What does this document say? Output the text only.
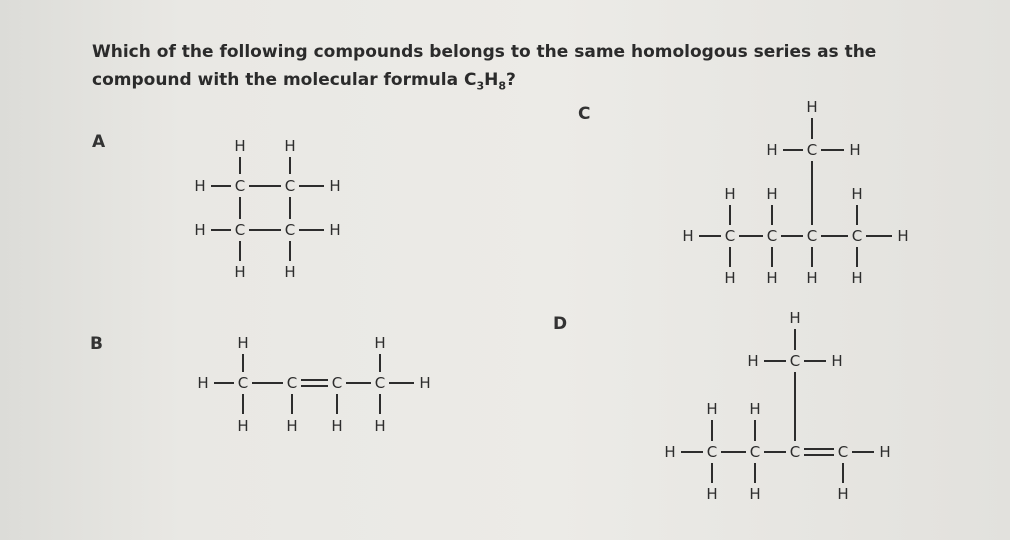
Which of the following compounds belongs to the same homologous series as the compound with the molecular formula $C_3H_8$?
A
B
C
D
H	H
H C	C H
H C	C H
H	H
H	H
H C	C C C H
H	H H H
H
H C H
H H	H
H C C C C H
H H H H
H
H C H
H H
H C C C	C H
H H	H
